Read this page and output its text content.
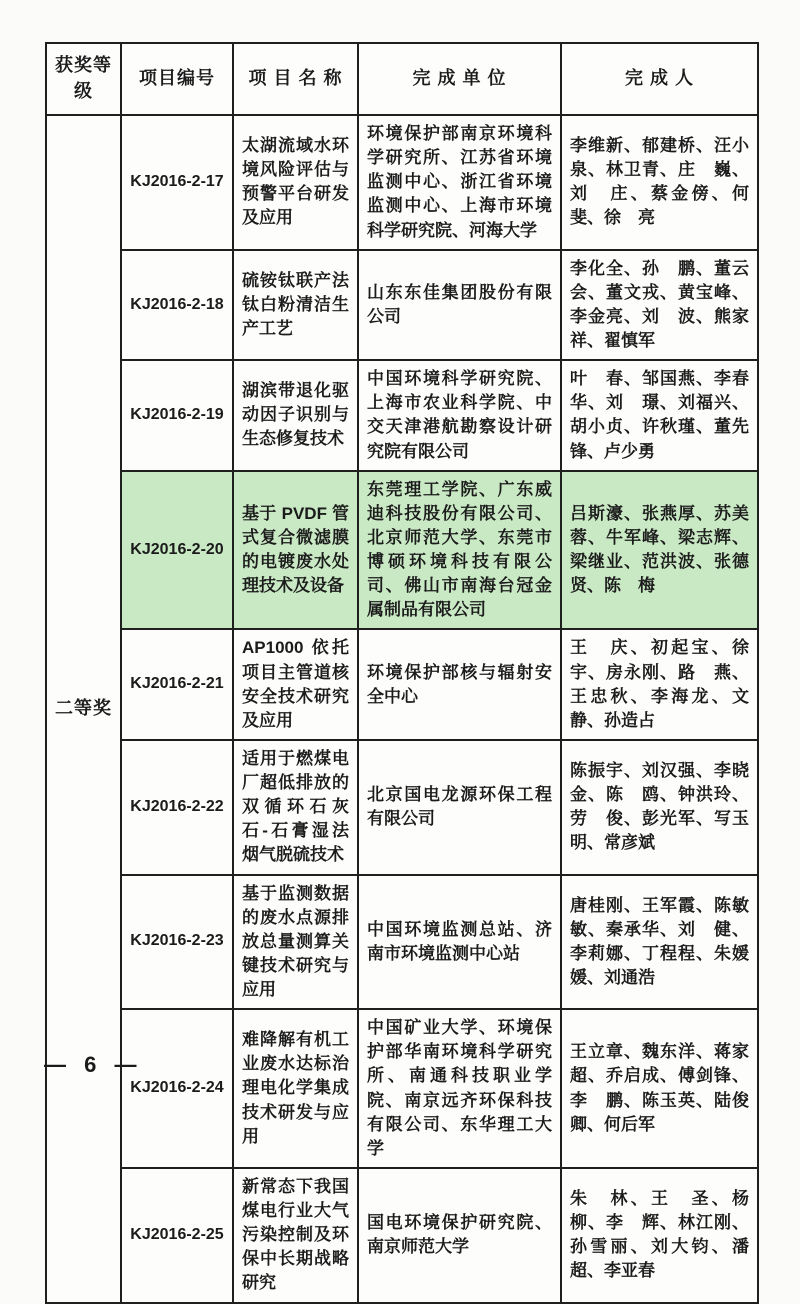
获奖等级	项目编号	项 目 名 称	完 成 单 位	完 成 人
二等奖	KJ2016-2-17	太湖流域水环境风险评估与预警平台研发及应用	环境保护部南京环境科学研究所、江苏省环境监测中心、浙江省环境监测中心、上海市环境科学研究院、河海大学	李维新、郁建桥、汪小泉、林卫青、庄　巍、刘　庄、蔡金傍、何　斐、徐　亮
	KJ2016-2-18	硫铵钛联产法钛白粉清洁生产工艺	山东东佳集团股份有限公司	李化全、孙　鹏、董云会、董文戎、黄宝峰、李金亮、刘　波、熊家祥、翟慎军
	KJ2016-2-19	湖滨带退化驱动因子识别与生态修复技术	中国环境科学研究院、上海市农业科学院、中交天津港航勘察设计研究院有限公司	叶　春、邹国燕、李春华、刘　璟、刘福兴、胡小贞、许秋瑾、董先锋、卢少勇
	KJ2016-2-20	基于 PVDF 管式复合微滤膜的电镀废水处理技术及设备	东莞理工学院、广东威迪科技股份有限公司、北京师范大学、东莞市博硕环境科技有限公司、佛山市南海台冠金属制品有限公司	吕斯濠、张燕厚、苏美蓉、牛军峰、梁志辉、梁继业、范洪波、张德贤、陈　梅
	KJ2016-2-21	AP1000 依托项目主管道核安全技术研究及应用	环境保护部核与辐射安全中心	王　庆、初起宝、徐　宇、房永刚、路　燕、王忠秋、李海龙、文　静、孙造占
	KJ2016-2-22	适用于燃煤电厂超低排放的双循环石灰石-石膏湿法烟气脱硫技术	北京国电龙源环保工程有限公司	陈振宇、刘汉强、李晓金、陈　鸥、钟洪玲、劳　俊、彭光军、写玉明、常彦斌
	KJ2016-2-23	基于监测数据的废水点源排放总量测算关键技术研究与应用	中国环境监测总站、济南市环境监测中心站	唐桂刚、王军霞、陈敏敏、秦承华、刘　健、李莉娜、丁程程、朱媛媛、刘通浩
	KJ2016-2-24	难降解有机工业废水达标治理电化学集成技术研发与应用	中国矿业大学、环境保护部华南环境科学研究所、南通科技职业学院、南京远齐环保科技有限公司、东华理工大学	王立章、魏东洋、蒋家超、乔启成、傅剑锋、李　鹏、陈玉英、陆俊卿、何后军
	KJ2016-2-25	新常态下我国煤电行业大气污染控制及环保中长期战略研究	国电环境保护研究院、南京师范大学	朱　林、王　圣、杨　柳、李　辉、林江刚、孙雪丽、刘大钧、潘　超、李亚春
— 6 —
